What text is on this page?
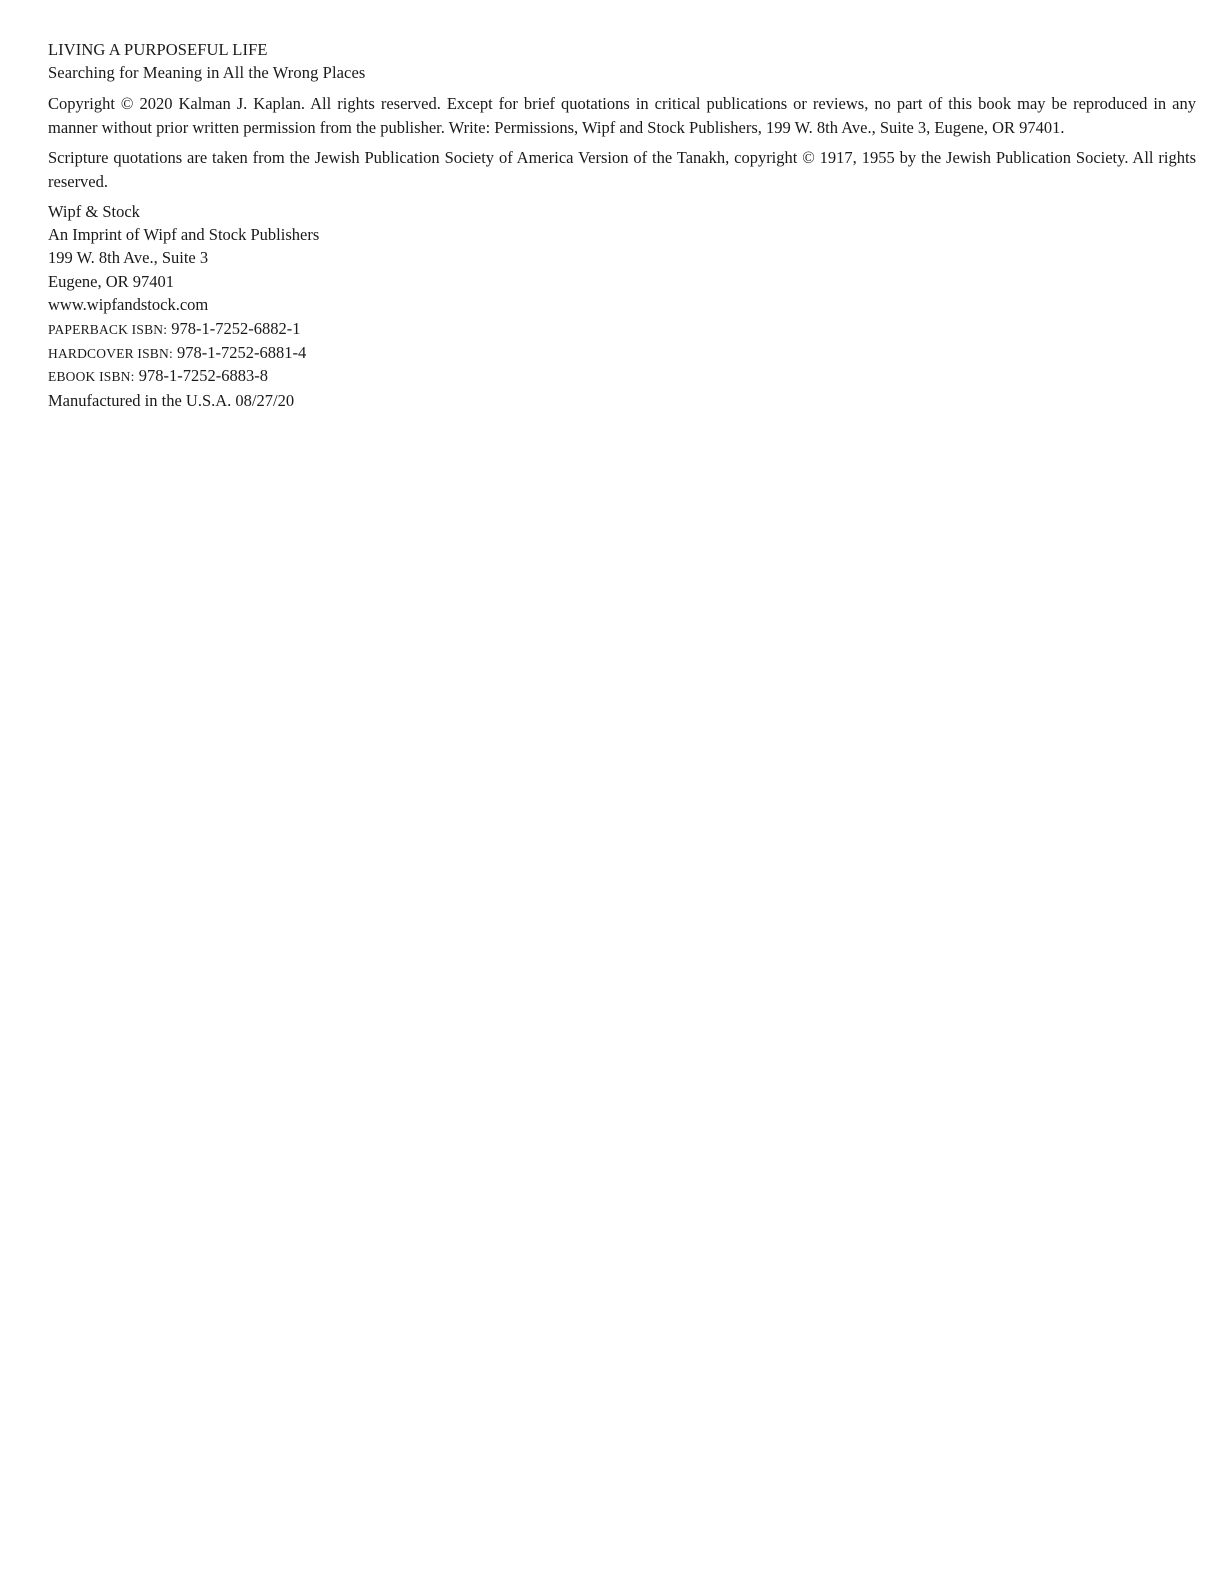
LIVING A PURPOSEFUL LIFE
Searching for Meaning in All the Wrong Places
Copyright © 2020 Kalman J. Kaplan. All rights reserved. Except for brief quotations in critical publications or reviews, no part of this book may be reproduced in any manner without prior written permission from the publisher. Write: Permissions, Wipf and Stock Publishers, 199 W. 8th Ave., Suite 3, Eugene, OR 97401.
Scripture quotations are taken from the Jewish Publication Society of America Version of the Tanakh, copyright © 1917, 1955 by the Jewish Publication Society. All rights reserved.
Wipf & Stock
An Imprint of Wipf and Stock Publishers
199 W. 8th Ave., Suite 3
Eugene, OR 97401
www.wipfandstock.com
PAPERBACK ISBN: 978-1-7252-6882-1
HARDCOVER ISBN: 978-1-7252-6881-4
EBOOK ISBN: 978-1-7252-6883-8
Manufactured in the U.S.A. 08/27/20
